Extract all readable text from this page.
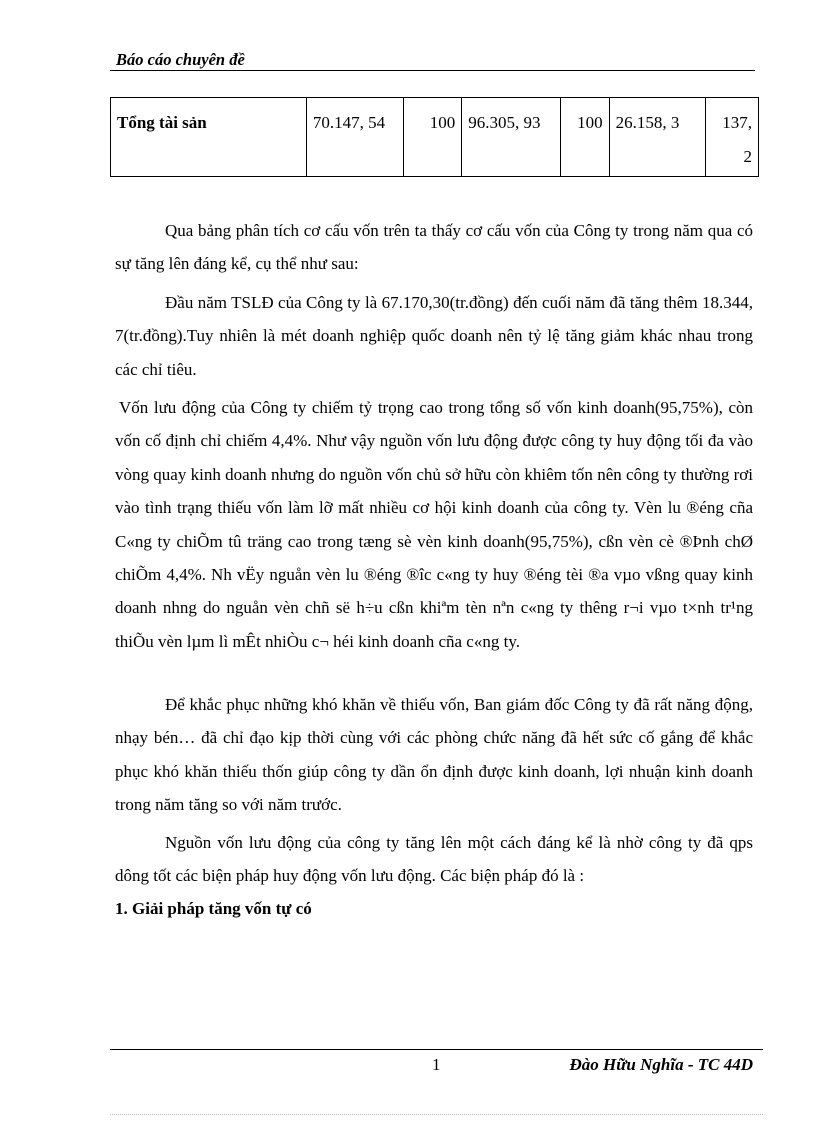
Báo cáo chuyên đề
Tổng tài sản	70.147, 54	100	96.305, 93	100	26.158, 3	137, 2

Qua bảng phân tích cơ cấu vốn trên ta thấy cơ cấu vốn của Công ty trong năm qua có sự tăng lên đáng kể, cụ thể như sau:

Đầu năm TSLĐ của Công ty là 67.170,30(tr.đồng) đến cuối năm đã tăng thêm 18.344, 7(tr.đồng).Tuy nhiên là mét doanh nghiệp quốc doanh nên tỷ lệ tăng giảm khác nhau trong các chỉ tiêu.

Vốn lưu động của Công ty chiếm tỷ trọng cao trong tổng số vốn kinh doanh(95,75%), còn vốn cố định chỉ chiếm 4,4%. Như vậy nguồn vốn lưu động được công ty huy động tối đa vào vòng quay kinh doanh nhưng do nguồn vốn chủ sở hữu còn khiêm tốn nên công ty thường rơi vào tình trạng thiếu vốn làm lỡ mất nhiều cơ hội kinh doanh của công ty. Vèn lu ®éng cña C«ng ty chiÕm tû träng cao trong tæng sè vèn kinh doanh(95,75%), cßn vèn cè ®Þnh chØ chiÕm 4,4%. Nh vËy nguån vèn lu ®éng ®îc c«ng ty huy ®éng tèi ®a vµo vßng quay kinh doanh nhng do nguån vèn chñ së h÷u cßn khiªm tèn nªn c«ng ty thêng r¬i vµo t×nh tr¹ng thiÕu vèn lµm lì mÊt nhiÒu c¬ héi kinh doanh cña c«ng ty.

Để khắc phục những khó khăn về thiếu vốn, Ban giám đốc Công ty đã rất năng động, nhạy bén… đã chỉ đạo kịp thời cùng với các phòng chức năng đã hết sức cố gắng để khắc phục khó khăn thiếu thốn giúp công ty dần ổn định được kinh doanh, lợi nhuận kinh doanh trong năm tăng so với năm trước.

Nguồn vốn lưu động của công ty tăng lên một cách đáng kể là nhờ công ty đã qps dông tốt các biện pháp huy động vốn lưu động. Các biện pháp đó là :

1. Giải pháp tăng vốn tự có
1	Đào Hữu Nghĩa - TC 44D
